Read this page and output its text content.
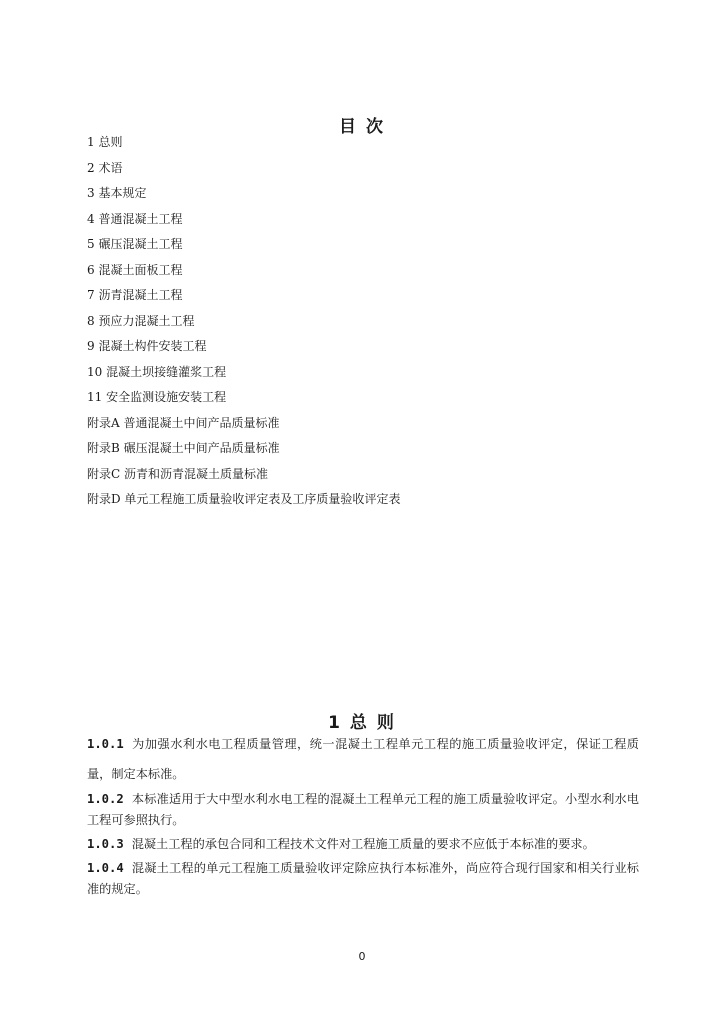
目 次
1 总则
2 术语
3 基本规定
4 普通混凝土工程
5 碾压混凝土工程
6 混凝土面板工程
7 沥青混凝土工程
8 预应力混凝土工程
9 混凝土构件安装工程
10 混凝土坝接缝灌浆工程
11 安全监测设施安装工程
附录A 普通混凝土中间产品质量标准
附录B 碾压混凝土中间产品质量标准
附录C 沥青和沥青混凝土质量标准
附录D 单元工程施工质量验收评定表及工序质量验收评定表
1 总 则

1.0.1 为加强水利水电工程质量管理，统一混凝土工程单元工程的施工质量验收评定，保证工程质量，制定本标准。

1.0.2 本标准适用于大中型水利水电工程的混凝土工程单元工程的施工质量验收评定。小型水利水电工程可参照执行。

1.0.3 混凝土工程的承包合同和工程技术文件对工程施工质量的要求不应低于本标准的要求。

1.0.4 混凝土工程的单元工程施工质量验收评定除应执行本标准外，尚应符合现行国家和相关行业标准的规定。

0
